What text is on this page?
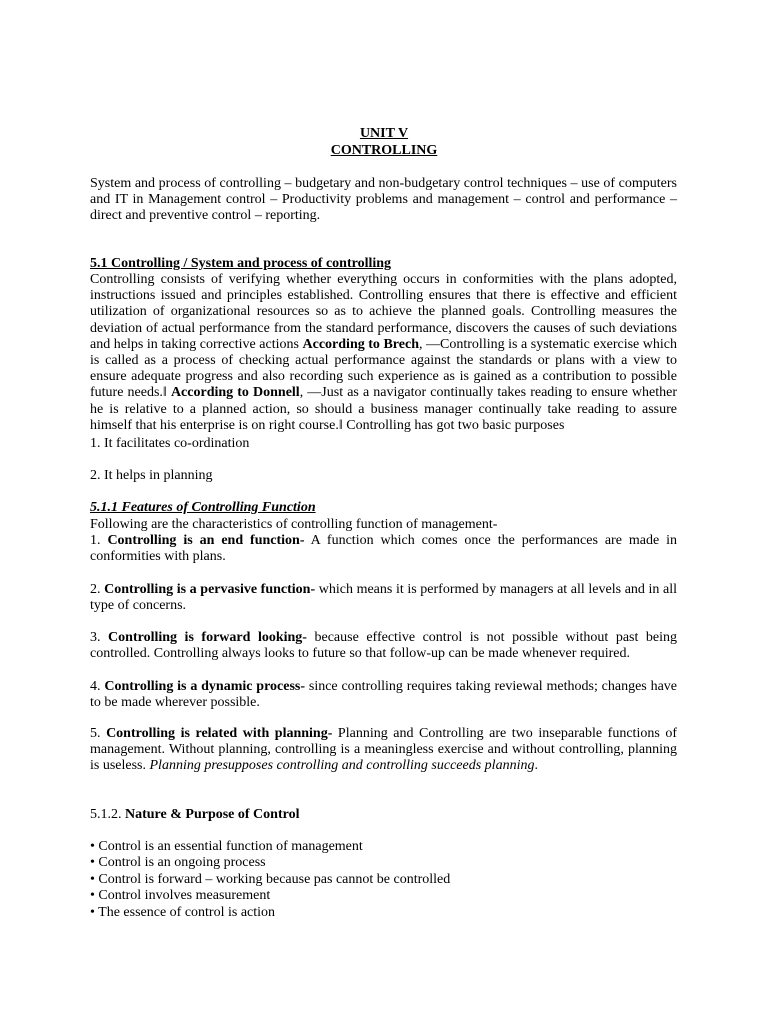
UNIT V
CONTROLLING
System and process of controlling – budgetary and non-budgetary control techniques – use of computers and IT in Management control – Productivity problems and management – control and performance – direct and preventive control – reporting.
5.1 Controlling / System and process of controlling
Controlling consists of verifying whether everything occurs in conformities with the plans adopted, instructions issued and principles established. Controlling ensures that there is effective and efficient utilization of organizational resources so as to achieve the planned goals. Controlling measures the deviation of actual performance from the standard performance, discovers the causes of such deviations and helps in taking corrective actions According to Brech, ―Controlling is a systematic exercise which is called as a process of checking actual performance against the standards or plans with a view to ensure adequate progress and also recording such experience as is gained as a contribution to possible future needs.‖ According to Donnell, ―Just as a navigator continually takes reading to ensure whether he is relative to a planned action, so should a business manager continually take reading to assure himself that his enterprise is on right course.‖ Controlling has got two basic purposes
1. It facilitates co-ordination
2. It helps in planning
5.1.1 Features of Controlling Function
Following are the characteristics of controlling function of management-
1. Controlling is an end function- A function which comes once the performances are made in conformities with plans.
2. Controlling is a pervasive function- which means it is performed by managers at all levels and in all type of concerns.
3. Controlling is forward looking- because effective control is not possible without past being controlled. Controlling always looks to future so that follow-up can be made whenever required.
4. Controlling is a dynamic process- since controlling requires taking reviewal methods; changes have to be made wherever possible.
5. Controlling is related with planning- Planning and Controlling are two inseparable functions of management. Without planning, controlling is a meaningless exercise and without controlling, planning is useless. Planning presupposes controlling and controlling succeeds planning.
5.1.2. Nature & Purpose of Control
• Control is an essential function of management
• Control is an ongoing process
• Control is forward – working because pas cannot be controlled
• Control involves measurement
• The essence of control is action
